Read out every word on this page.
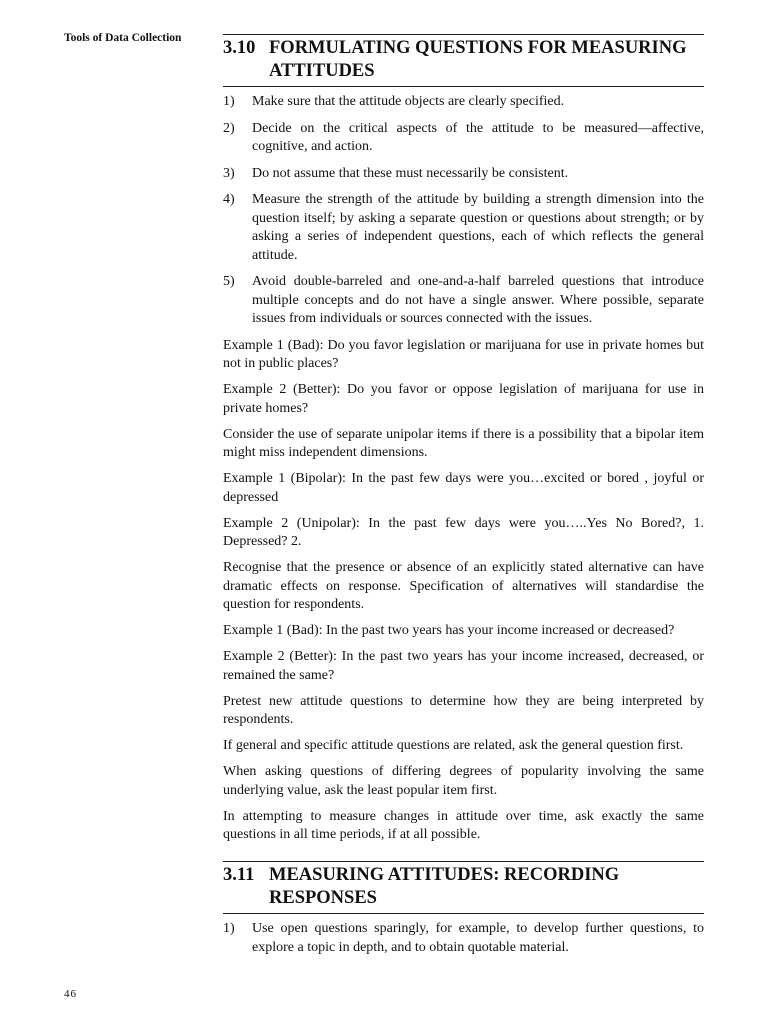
Tools of Data Collection 3.10 FORMULATING QUESTIONS FOR MEASURING ATTITUDES
1)	Make sure that the attitude objects are clearly specified.
2)	Decide on the critical aspects of the attitude to be measured—affective, cognitive, and action.
3)	Do not assume that these must necessarily be consistent.
4)	Measure the strength of the attitude by building a strength dimension into the question itself; by asking a separate question or questions about strength; or by asking a series of independent questions, each of which reflects the general attitude.
5)	Avoid double-barreled and one-and-a-half barreled questions that introduce multiple concepts and do not have a single answer. Where possible, separate issues from individuals or sources connected with the issues.

Example 1 (Bad): Do you favor legislation or marijuana for use in private homes but not in public places?

Example 2 (Better): Do you favor or oppose legislation of marijuana for use in private homes?

Consider the use of separate unipolar items if there is a possibility that a bipolar item might miss independent dimensions.

Example 1 (Bipolar): In the past few days were you…excited or bored , joyful or depressed

Example 2 (Unipolar): In the past few days were you…..Yes No Bored?, 1. Depressed? 2.

Recognise that the presence or absence of an explicitly stated alternative can have dramatic effects on response. Specification of alternatives will standardise the question for respondents.

Example 1 (Bad): In the past two years has your income increased or decreased?

Example 2 (Better): In the past two years has your income increased, decreased, or remained the same?

Pretest new attitude questions to determine how they are being interpreted by respondents.

If general and specific attitude questions are related, ask the general question first.

When asking questions of differing degrees of popularity involving the same underlying value, ask the least popular item first.

In attempting to measure changes in attitude over time, ask exactly the same questions in all time periods, if at all possible.

3.11 MEASURING ATTITUDES: RECORDING RESPONSES
1)	Use open questions sparingly, for example, to develop further questions, to explore a topic in depth, and to obtain quotable material.
46
